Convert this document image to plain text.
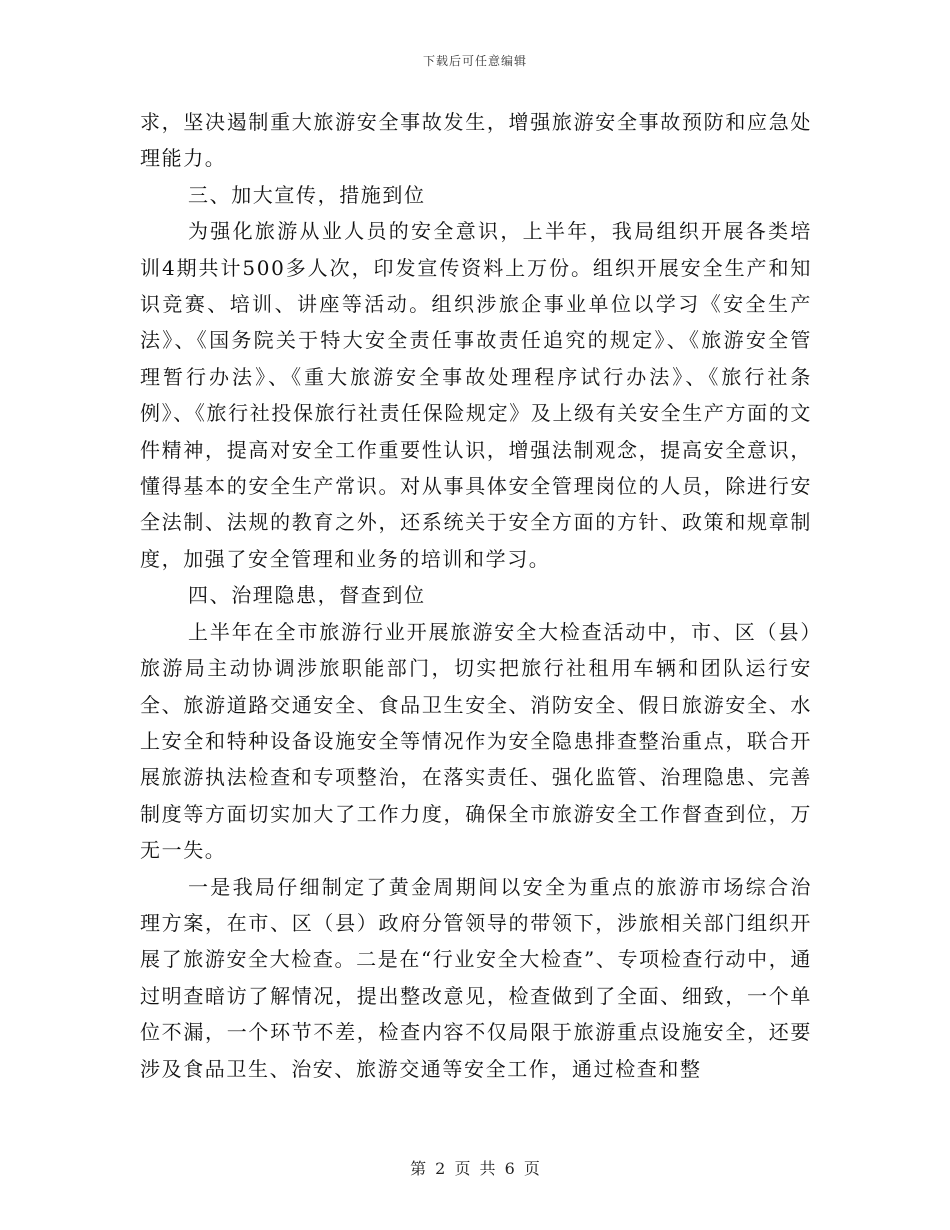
下载后可任意编辑

求，坚决遏制重大旅游安全事故发生，增强旅游安全事故预防和应急处理能力。

三、加大宣传，措施到位

为强化旅游从业人员的安全意识，上半年，我局组织开展各类培训4期共计500多人次，印发宣传资料上万份。组织开展安全生产和知识竞赛、培训、讲座等活动。组织涉旅企事业单位以学习《安全生产法》、《国务院关于特大安全责任事故责任追究的规定》、《旅游安全管理暂行办法》、《重大旅游安全事故处理程序试行办法》、《旅行社条例》、《旅行社投保旅行社责任保险规定》及上级有关安全生产方面的文件精神，提高对安全工作重要性认识，增强法制观念，提高安全意识，懂得基本的安全生产常识。对从事具体安全管理岗位的人员，除进行安全法制、法规的教育之外，还系统关于安全方面的方针、政策和规章制度，加强了安全管理和业务的培训和学习。

四、治理隐患，督查到位

上半年在全市旅游行业开展旅游安全大检查活动中，市、区（县）旅游局主动协调涉旅职能部门，切实把旅行社租用车辆和团队运行安全、旅游道路交通安全、食品卫生安全、消防安全、假日旅游安全、水上安全和特种设备设施安全等情况作为安全隐患排查整治重点，联合开展旅游执法检查和专项整治，在落实责任、强化监管、治理隐患、完善制度等方面切实加大了工作力度，确保全市旅游安全工作督查到位，万无一失。

一是我局仔细制定了黄金周期间以安全为重点的旅游市场综合治理方案，在市、区（县）政府分管领导的带领下，涉旅相关部门组织开展了旅游安全大检查。二是在“行业安全大检查”、专项检查行动中，通过明查暗访了解情况，提出整改意见，检查做到了全面、细致，一个单位不漏，一个环节不差，检查内容不仅局限于旅游重点设施安全，还要涉及食品卫生、治安、旅游交通等安全工作，通过检查和整

第 2 页 共 6 页
